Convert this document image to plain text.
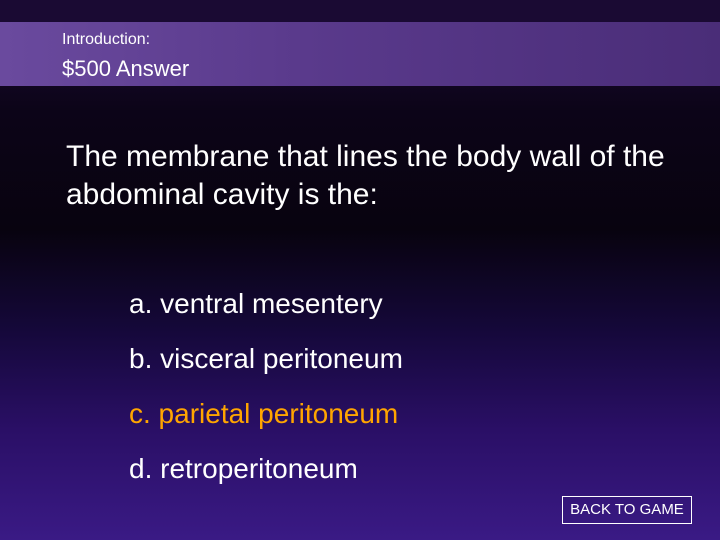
Introduction:
$500 Answer
The membrane that lines the body wall of the abdominal cavity is the:
a. ventral mesentery
b. visceral peritoneum
c. parietal peritoneum
d. retroperitoneum
BACK TO GAME
